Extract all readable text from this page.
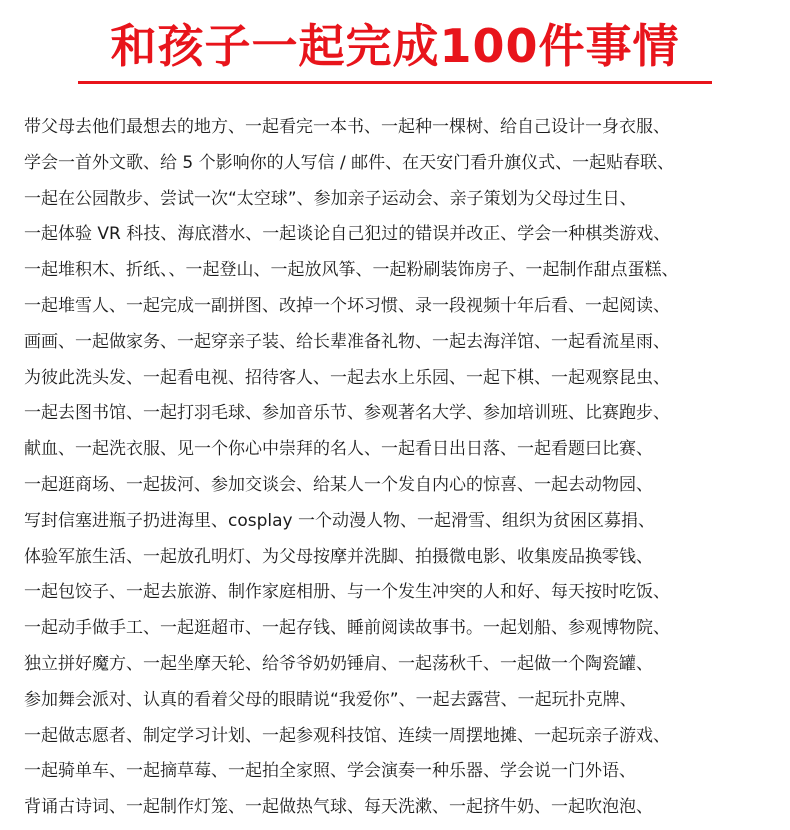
和孩子一起完成100件事情
带父母去他们最想去的地方、一起看完一本书、一起种一棵树、给自己设计一身衣服、
学会一首外文歌、给 5 个影响你的人写信 / 邮件、在天安门看升旗仪式、一起贴春联、
一起在公园散步、尝试一次“太空球”、参加亲子运动会、亲子策划为父母过生日、
一起体验 VR 科技、海底潜水、一起谈论自己犯过的错误并改正、学会一种棋类游戏、
一起堆积木、折纸、、一起登山、一起放风筝、一起粉刷装饰房子、一起制作甜点蛋糕、
一起堆雪人、一起完成一副拼图、改掉一个坏习惯、录一段视频十年后看、一起阅读、
画画、一起做家务、一起穿亲子装、给长辈准备礼物、一起去海洋馆、一起看流星雨、
为彼此洗头发、一起看电视、招待客人、一起去水上乐园、一起下棋、一起观察昆虫、
一起去图书馆、一起打羽毛球、参加音乐节、参观著名大学、参加培训班、比赛跑步、
献血、一起洗衣服、见一个你心中崇拜的名人、一起看日出日落、一起看题曰比赛、
一起逛商场、一起拔河、参加交谈会、给某人一个发自内心的惊喜、一起去动物园、
写封信塞进瓶子扔进海里、cosplay 一个动漫人物、一起滑雪、组织为贫困区募捐、
体验军旅生活、一起放孔明灯、为父母按摩并洗脚、拍摄微电影、收集废品换零钱、
一起包饺子、一起去旅游、制作家庭相册、与一个发生冲突的人和好、每天按时吃饭、
一起动手做手工、一起逛超市、一起存钱、睡前阅读故事书。一起划船、参观博物院、
独立拼好魔方、一起坐摩天轮、给爷爷奶奶锤肩、一起荡秋千、一起做一个陶瓷罐、
参加舞会派对、认真的看着父母的眼睛说“我爱你”、一起去露营、一起玩扑克牌、
一起做志愿者、制定学习计划、一起参观科技馆、连续一周摆地摊、一起玩亲子游戏、
一起骑单车、一起摘草莓、一起拍全家照、学会演奏一种乐器、学会说一门外语、
背诵古诗词、一起制作灯笼、一起做热气球、每天洗漱、一起挤牛奶、一起吹泡泡、
